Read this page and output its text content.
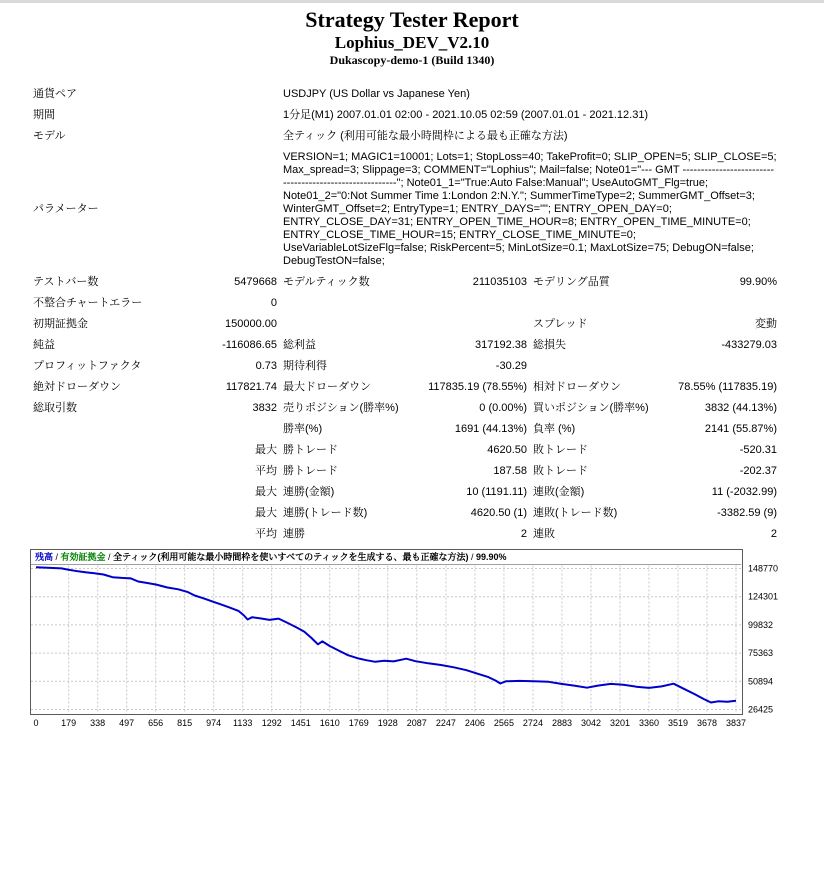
Strategy Tester Report
Lophius_DEV_V2.10
Dukascopy-demo-1 (Build 1340)
通貨ペア		USDJPY (US Dollar vs Japanese Yen)			
期間		1分足(M1) 2007.01.01 02:00 - 2021.10.05 02:59 (2007.01.01 - 2021.12.31)			
モデル		全ティック (利用可能な最小時間枠による最も正確な方法)			
パラメーター		VERSION=1; MAGIC1=10001; Lots=1; StopLoss=40; TakeProfit=0; SLIP_OPEN=5; SLIP_CLOSE=5; Max_spread=3; Slippage=3; COMMENT="Lophius"; Mail=false; Note01="--- GMT --------------------------------------------------------"; Note01_1="True:Auto False:Manual"; UseAutoGMT_Flg=true; Note01_2="0:Not Summer Time 1:London 2:N.Y."; SummerTimeType=2; SummerGMT_Offset=3; WinterGMT_Offset=2; EntryType=1; ENTRY_DAYS=""; ENTRY_OPEN_DAY=0; ENTRY_CLOSE_DAY=31; ENTRY_OPEN_TIME_HOUR=8; ENTRY_OPEN_TIME_MINUTE=0; ENTRY_CLOSE_TIME_HOUR=15; ENTRY_CLOSE_TIME_MINUTE=0; UseVariableLotSizeFlg=false; RiskPercent=5; MinLotSize=0.1; MaxLotSize=75; DebugON=false; DebugTestON=false;			
テストバー数	5479668	モデルティック数	211035103	モデリング品質	99.90%
不整合チャートエラー	0				
初期証拠金	150000.00			スプレッド	変動
純益	-116086.65	総利益	317192.38	総損失	-433279.03
プロフィットファクタ	0.73	期待利得	-30.29		
絶対ドローダウン	117821.74	最大ドローダウン	117835.19 (78.55%)	相対ドローダウン	78.55% (117835.19)
総取引数	3832	売りポジション(勝率%)	0 (0.00%)	買いポジション(勝率%)	3832 (44.13%)
		勝率(%)	1691 (44.13%)	負率 (%)	2141 (55.87%)
	最大	勝トレード	4620.50	敗トレード	-520.31
	平均	勝トレード	187.58	敗トレード	-202.37
	最大	連勝(金額)	10 (1191.11)	連敗(金額)	11 (-2032.99)
	最大	連勝(トレード数)	4620.50 (1)	連敗(トレード数)	-3382.59 (9)
	平均	連勝	2	連敗	2
148770
124301
99832
75363
50894
26425
0	179 338 497 656 815 974 1133 1292 1451 1610 1769 1928 2087 2247 2406 2565 2724 2883 3042 3201 3360 3519 3678 3837
残高 / 有効証拠金 / 全ティック(利用可能な最小時間枠を使いすべてのティックを生成する、最も正確な方法) / 99.90%
